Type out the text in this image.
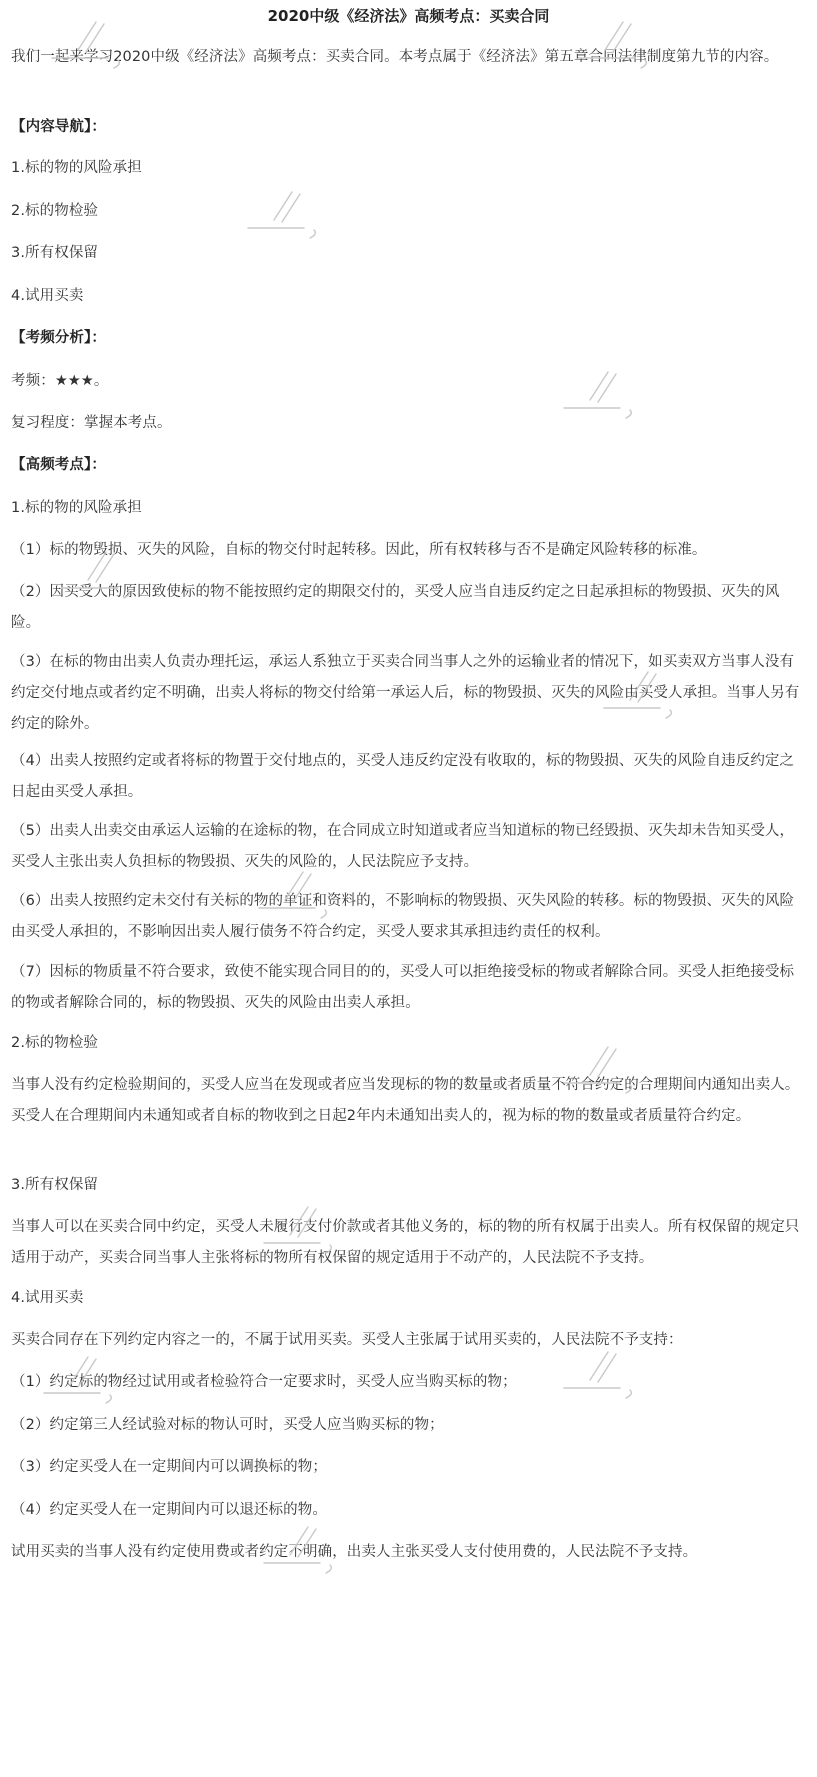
2020中级《经济法》高频考点：买卖合同

我们一起来学习2020中级《经济法》高频考点：买卖合同。本考点属于《经济法》第五章合同法律制度第九节的内容。

【内容导航】：

1.标的物的风险承担

2.标的物检验

3.所有权保留

4.试用买卖

【考频分析】：

考频：★★★。

复习程度：掌握本考点。

【高频考点】：

1.标的物的风险承担

（1）标的物毁损、灭失的风险，自标的物交付时起转移。因此，所有权转移与否不是确定风险转移的标准。

（2）因买受人的原因致使标的物不能按照约定的期限交付的，买受人应当自违反约定之日起承担标的物毁损、灭失的风险。

（3）在标的物由出卖人负责办理托运，承运人系独立于买卖合同当事人之外的运输业者的情况下，如买卖双方当事人没有约定交付地点或者约定不明确，出卖人将标的物交付给第一承运人后，标的物毁损、灭失的风险由买受人承担。当事人另有约定的除外。

（4）出卖人按照约定或者将标的物置于交付地点的，买受人违反约定没有收取的，标的物毁损、灭失的风险自违反约定之日起由买受人承担。

（5）出卖人出卖交由承运人运输的在途标的物，在合同成立时知道或者应当知道标的物已经毁损、灭失却未告知买受人，买受人主张出卖人负担标的物毁损、灭失的风险的，人民法院应予支持。

（6）出卖人按照约定未交付有关标的物的单证和资料的，不影响标的物毁损、灭失风险的转移。标的物毁损、灭失的风险由买受人承担的，不影响因出卖人履行债务不符合约定，买受人要求其承担违约责任的权利。

（7）因标的物质量不符合要求，致使不能实现合同目的的，买受人可以拒绝接受标的物或者解除合同。买受人拒绝接受标的物或者解除合同的，标的物毁损、灭失的风险由出卖人承担。

2.标的物检验

当事人没有约定检验期间的，买受人应当在发现或者应当发现标的物的数量或者质量不符合约定的合理期间内通知出卖人。买受人在合理期间内未通知或者自标的物收到之日起2年内未通知出卖人的，视为标的物的数量或者质量符合约定。

3.所有权保留

当事人可以在买卖合同中约定，买受人未履行支付价款或者其他义务的，标的物的所有权属于出卖人。所有权保留的规定只适用于动产，买卖合同当事人主张将标的物所有权保留的规定适用于不动产的，人民法院不予支持。

4.试用买卖

买卖合同存在下列约定内容之一的，不属于试用买卖。买受人主张属于试用买卖的，人民法院不予支持：

（1）约定标的物经过试用或者检验符合一定要求时，买受人应当购买标的物；

（2）约定第三人经试验对标的物认可时，买受人应当购买标的物；

（3）约定买受人在一定期间内可以调换标的物；

（4）约定买受人在一定期间内可以退还标的物。

试用买卖的当事人没有约定使用费或者约定不明确，出卖人主张买受人支付使用费的，人民法院不予支持。
